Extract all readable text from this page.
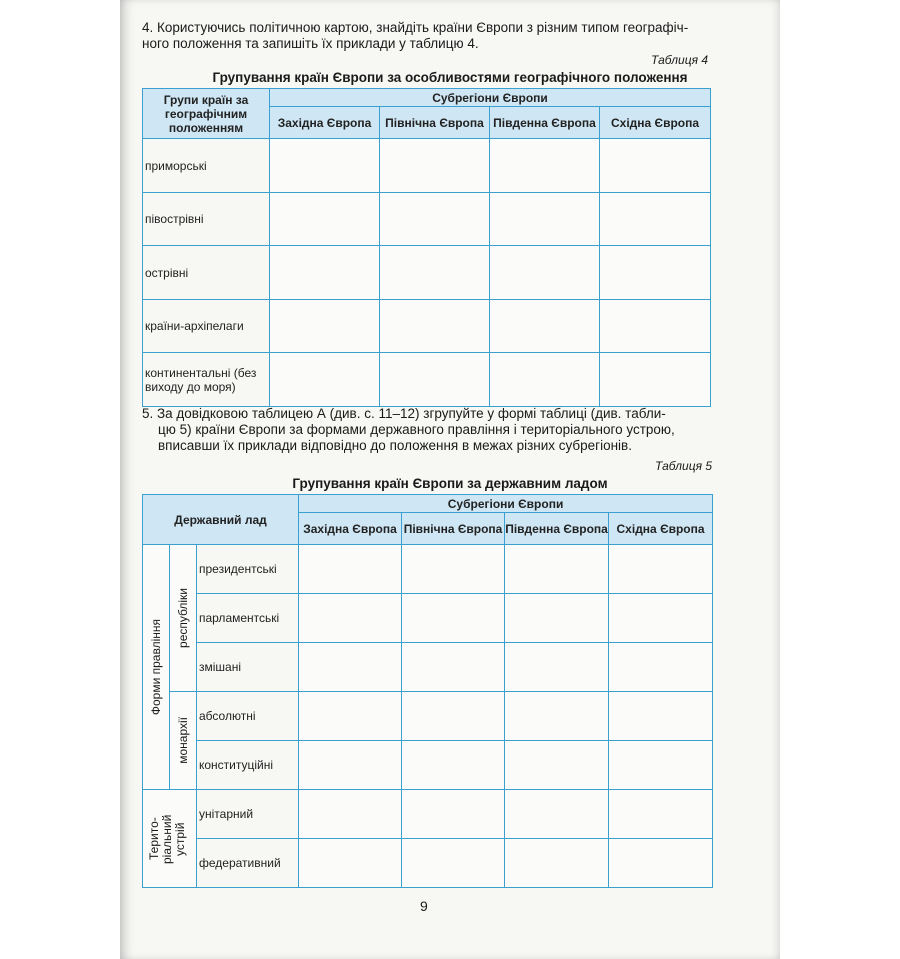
4. Користуючись політичною картою, знайдіть країни Європи з різним типом географіч-
ного положення та запишіть їх приклади у таблицю 4.
Таблиця 4
Групування країн Європи за особливостями географічного положення
Групи країн за географічним положенням	Субрегіони Європи			
	Західна Європа	Північна Європа	Південна Європа	Східна Європа
приморські				
півострівні				
острівні				
країни-архіпелаги				
континентальні (без виходу до моря)				
5. За довідковою таблицею А (див. с. 11–12) згрупуйте у формі таблиці (див. табли-
цю 5) країни Європи за формами державного правління і територіального устрою,
вписавши їх приклади відповідно до положення в межах різних субрегіонів.
Таблиця 5
Групування країн Європи за державним ладом
Державний лад			Субрегіони Європи			
			Західна Європа	Північна Європа	Південна Європа	Східна Європа

Форми правління	республіки	президентські				
		парламентські				
		змішані				

	монархії	абсолютні				
		конституційні				

Терито- ріальний устрій		унітарний				
		федеративний				
9
